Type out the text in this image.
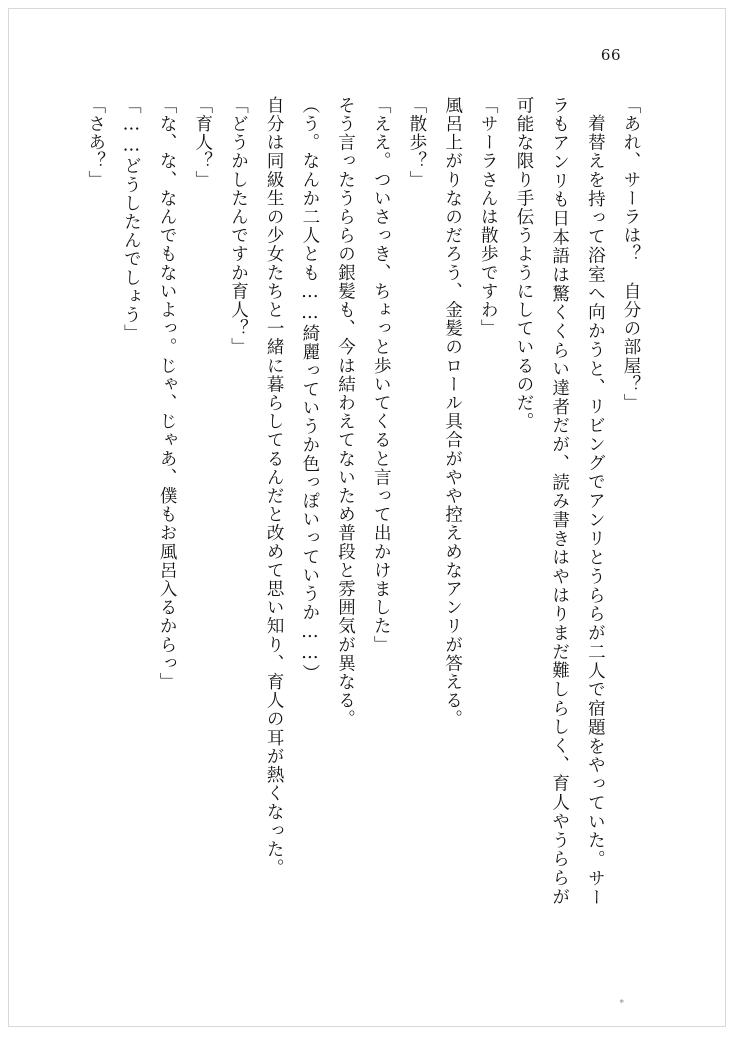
66

「あれ、サーラは？　自分の部屋？」

着替えを持って浴室へ向かうと、リビングでアンリとうららが二人で宿題をやっていた。サーラもアンリも日本語は驚くくらい達者だが、読み書きはやはりまだ難しらしく、育人やうららが可能な限り手伝うようにしているのだ。

「サーラさんは散歩ですわ」

風呂上がりなのだろう、金髪のロール具合がやや控えめなアンリが答える。

「散歩？」

「ええ。ついさっき、ちょっと歩いてくると言って出かけました」

そう言ったうららの銀髪も、今は結わえてないため普段と雰囲気が異なる。

（う。なんか二人とも……綺麗っていうか色っぽいっていうか……）

自分は同級生の少女たちと一緒に暮らしてるんだと改めて思い知り、育人の耳が熱くなった。

「どうかしたんですか育人？」

「育人？」

「な、な、なんでもないよっ。じゃ、じゃあ、僕もお風呂入るからっ」

「……どうしたんでしょう」

「さあ？」

*
